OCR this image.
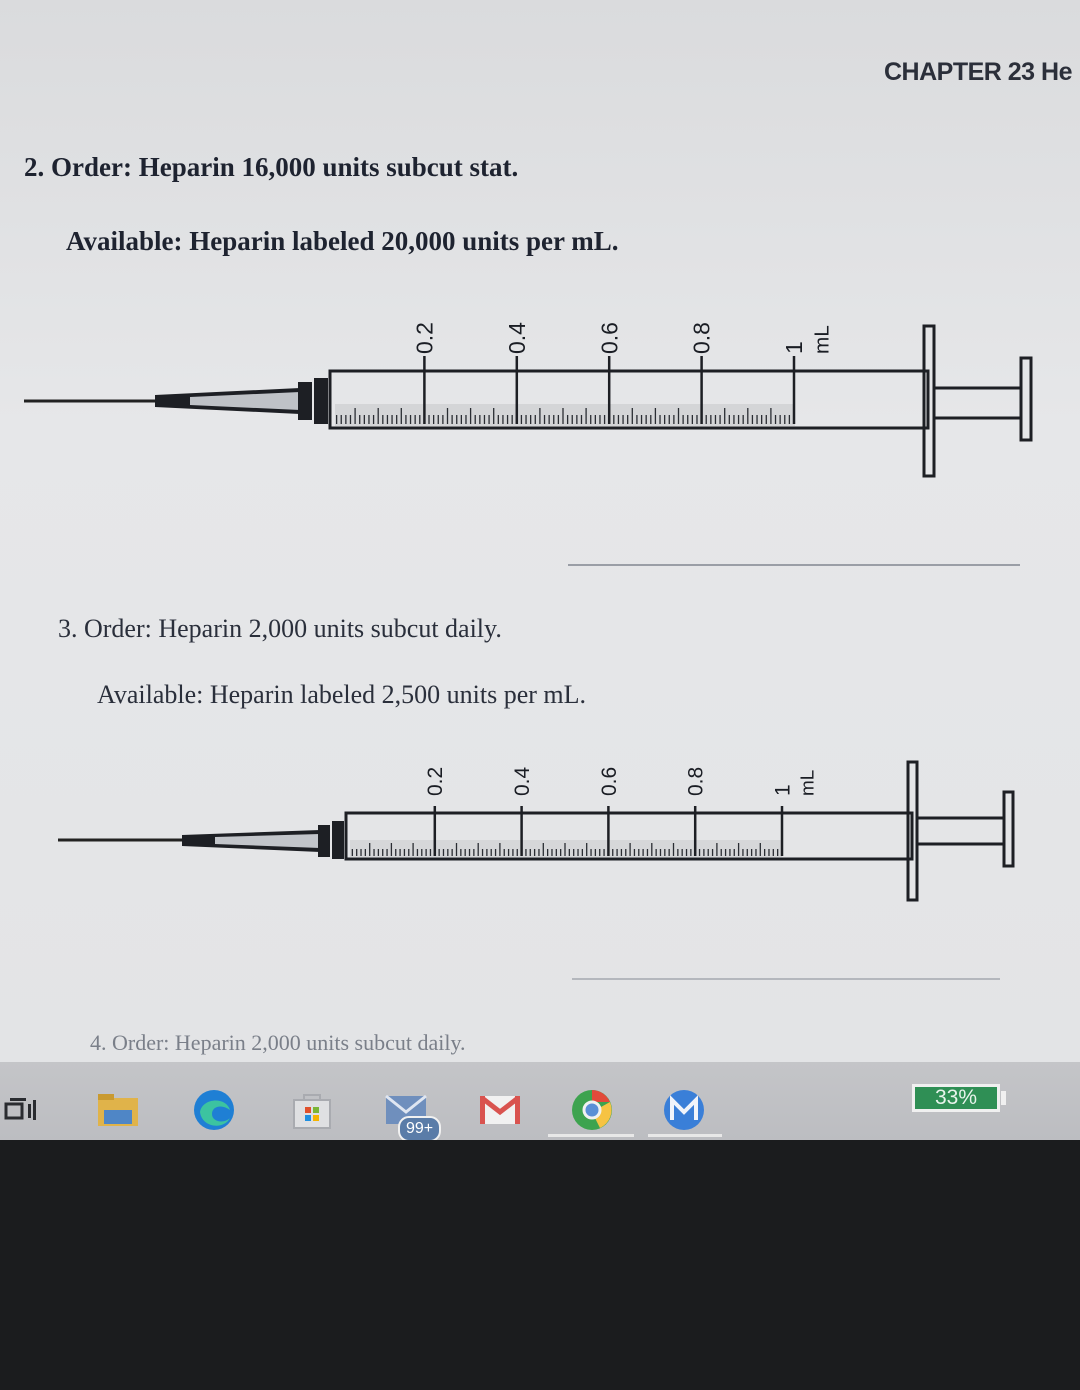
CHAPTER 23 He
2. Order: Heparin 16,000 units subcut stat.
Available: Heparin labeled 20,000 units per mL.
0.2	0.4	0.6	0.8	1 mL
3. Order: Heparin 2,000 units subcut daily.
Available: Heparin labeled 2,500 units per mL.
0.2	0.4	0.6	0.8	1 mL
4. Order: Heparin 2,000 units subcut daily.
99+
33%
